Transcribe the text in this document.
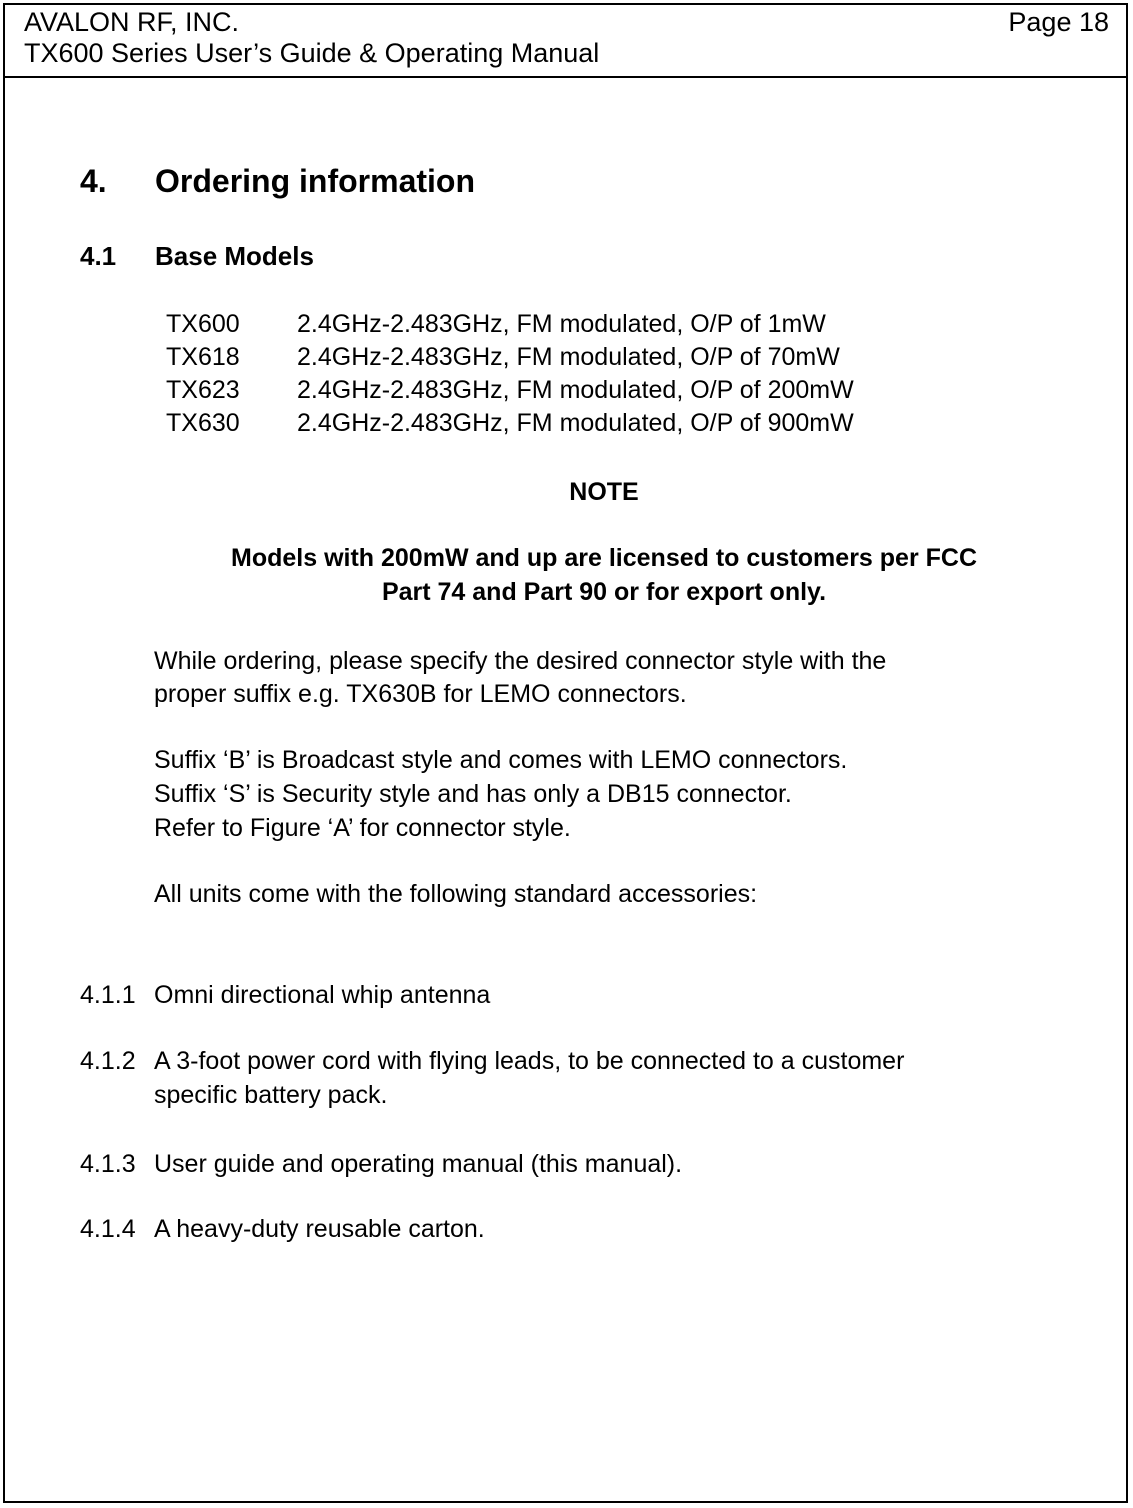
AVALON RF, INC.	Page 18
TX600 Series User’s Guide & Operating Manual
4. Ordering information
4.1 Base Models
TX600 2.4GHz-2.483GHz, FM modulated, O/P of 1mW
TX618 2.4GHz-2.483GHz, FM modulated, O/P of 70mW
TX623 2.4GHz-2.483GHz, FM modulated, O/P of 200mW
TX630 2.4GHz-2.483GHz, FM modulated, O/P of 900mW
NOTE
Models with 200mW and up are licensed to customers per FCC
Part 74 and Part 90 or for export only.
While ordering, please specify the desired connector style with the
proper suffix e.g. TX630B for LEMO connectors.
Suffix ‘B’ is Broadcast style and comes with LEMO connectors.
Suffix ‘S’ is Security style and has only a DB15 connector.
Refer to Figure ‘A’ for connector style.
All units come with the following standard accessories:
4.1.1 Omni directional whip antenna
4.1.2 A 3-foot power cord with flying leads, to be connected to a customer
specific battery pack.
4.1.3 User guide and operating manual (this manual).
4.1.4 A heavy-duty reusable carton.
